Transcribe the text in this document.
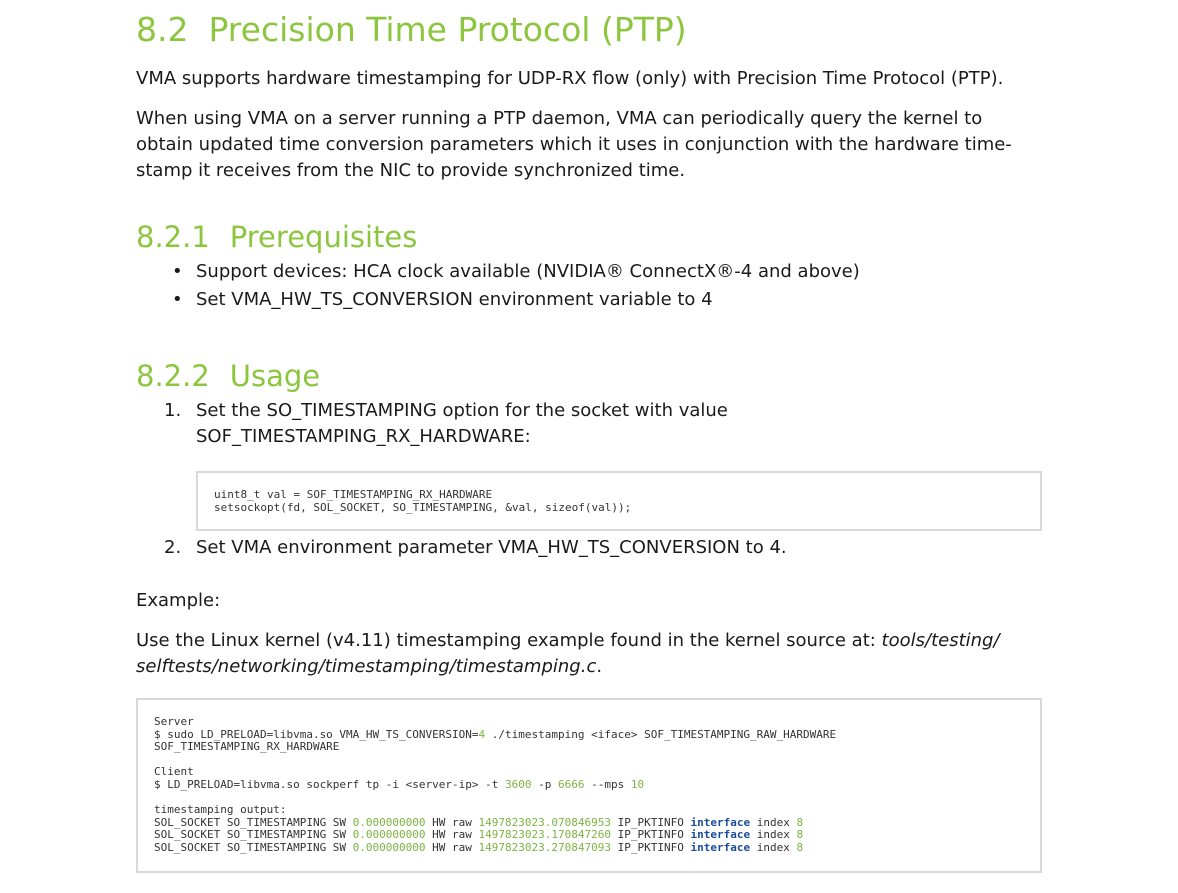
8.2 Precision Time Protocol (PTP)

VMA supports hardware timestamping for UDP-RX flow (only) with Precision Time Protocol (PTP).

When using VMA on a server running a PTP daemon, VMA can periodically query the kernel to obtain updated time conversion parameters which it uses in conjunction with the hardware time-stamp it receives from the NIC to provide synchronized time.

8.2.1 Prerequisites
• Support devices: HCA clock available (NVIDIA® ConnectX®-4 and above)
• Set VMA_HW_TS_CONVERSION environment variable to 4
8.2.2 Usage
1. Set the SO_TIMESTAMPING option for the socket with value
SOF_TIMESTAMPING_RX_HARDWARE:
uint8_t val = SOF_TIMESTAMPING_RX_HARDWARE
setsockopt(fd, SOL_SOCKET, SO_TIMESTAMPING, &val, sizeof(val));
2. Set VMA environment parameter VMA_HW_TS_CONVERSION to 4.

Example:

Use the Linux kernel (v4.11) timestamping example found in the kernel source at: tools/testing/
selftests/networking/timestamping/timestamping.c.

Server
$ sudo LD_PRELOAD=libvma.so VMA_HW_TS_CONVERSION=4 ./timestamping <iface> SOF_TIMESTAMPING_RAW_HARDWARE
SOF_TIMESTAMPING_RX_HARDWARE

Client
$ LD_PRELOAD=libvma.so sockperf tp -i <server-ip> -t 3600 -p 6666 --mps 10

timestamping output:
SOL_SOCKET SO_TIMESTAMPING SW 0.000000000 HW raw 1497823023.070846953 IP_PKTINFO interface index 8
SOL_SOCKET SO_TIMESTAMPING SW 0.000000000 HW raw 1497823023.170847260 IP_PKTINFO interface index 8
SOL_SOCKET SO_TIMESTAMPING SW 0.000000000 HW raw 1497823023.270847093 IP_PKTINFO interface index 8
